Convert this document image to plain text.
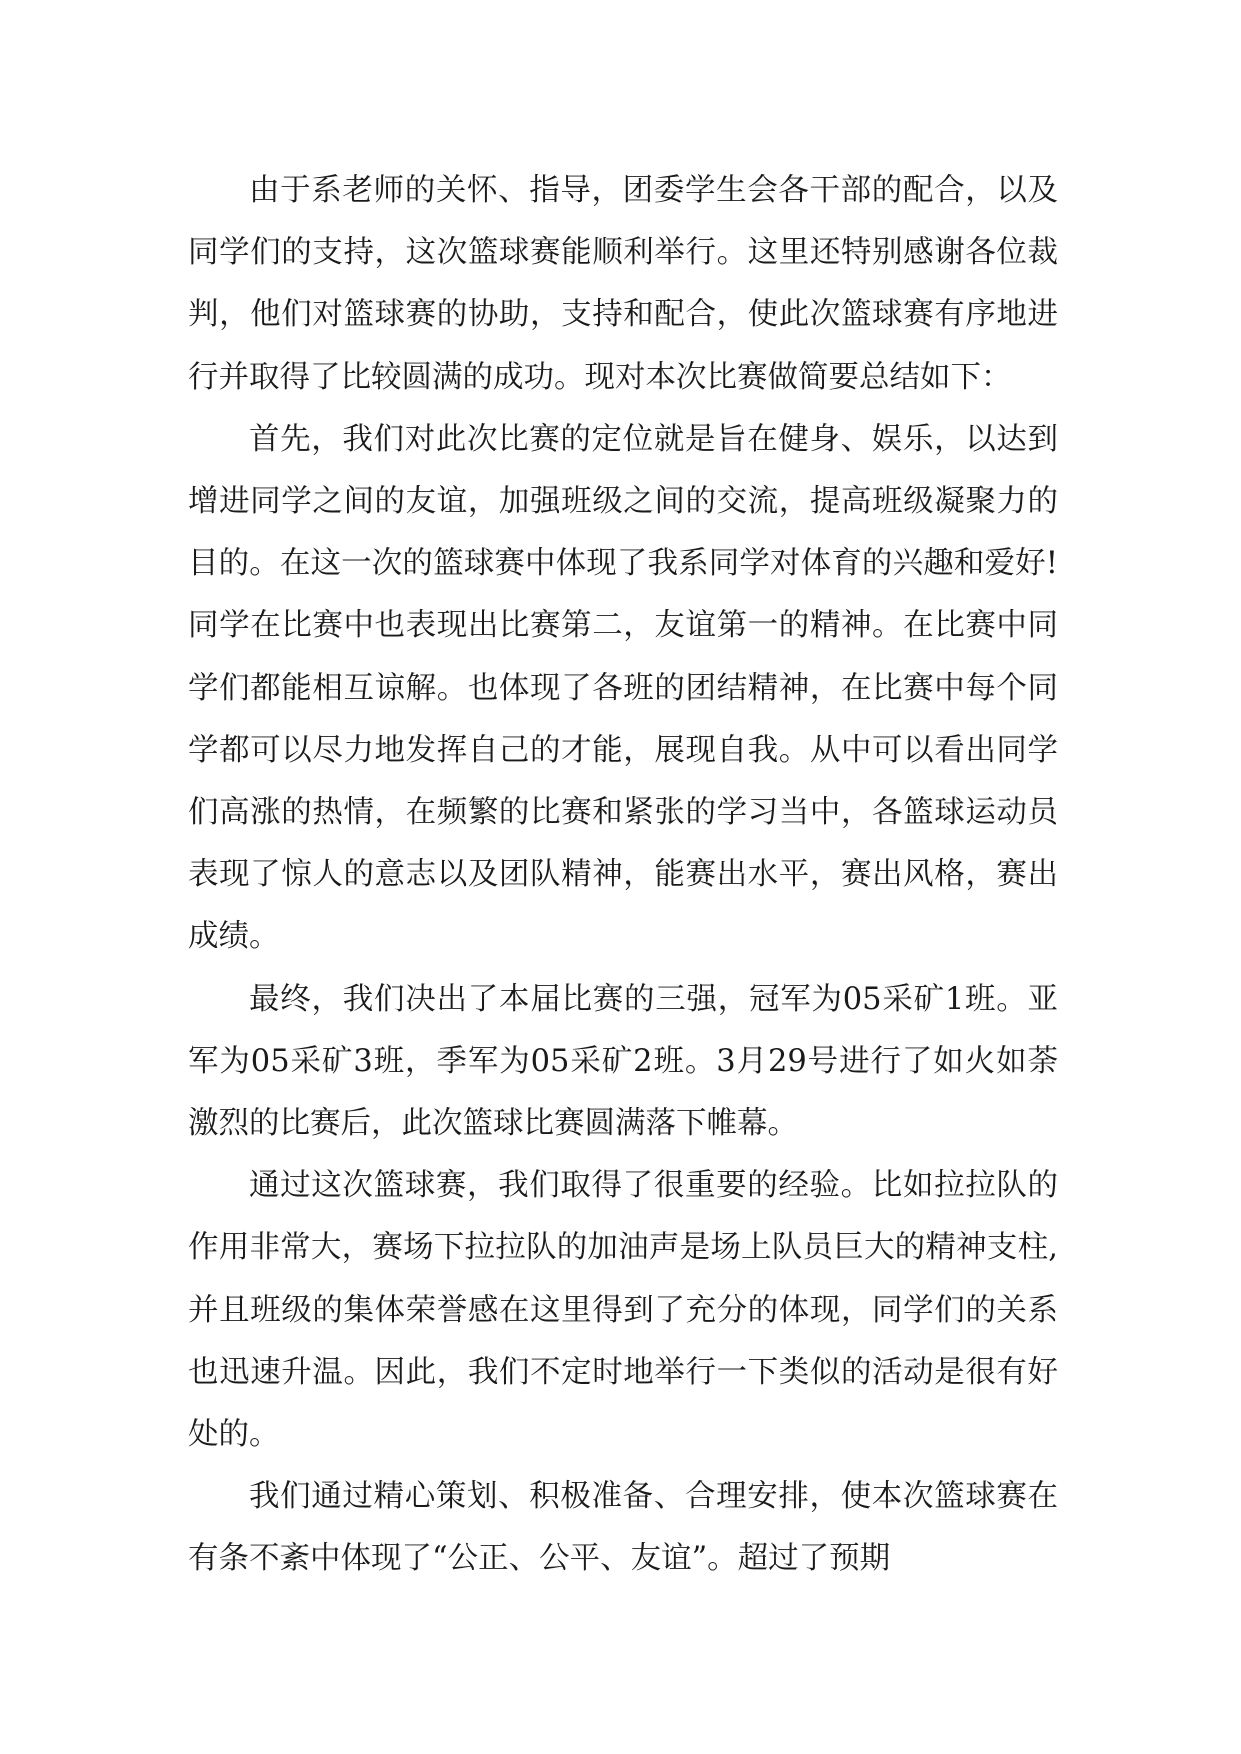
由于系老师的关怀、指导，团委学生会各干部的配合，以及同学们的支持，这次篮球赛能顺利举行。这里还特别感谢各位裁判，他们对篮球赛的协助，支持和配合，使此次篮球赛有序地进行并取得了比较圆满的成功。现对本次比赛做简要总结如下：

首先，我们对此次比赛的定位就是旨在健身、娱乐，以达到增进同学之间的友谊，加强班级之间的交流，提高班级凝聚力的目的。在这一次的篮球赛中体现了我系同学对体育的兴趣和爱好!同学在比赛中也表现出比赛第二，友谊第一的精神。在比赛中同学们都能相互谅解。也体现了各班的团结精神，在比赛中每个同学都可以尽力地发挥自己的才能，展现自我。从中可以看出同学们高涨的热情，在频繁的比赛和紧张的学习当中，各篮球运动员表现了惊人的意志以及团队精神，能赛出水平，赛出风格，赛出成绩。

最终，我们决出了本届比赛的三强，冠军为05采矿1班。亚军为05采矿3班，季军为05采矿2班。3月29号进行了如火如荼激烈的比赛后，此次篮球比赛圆满落下帷幕。

通过这次篮球赛，我们取得了很重要的经验。比如拉拉队的作用非常大，赛场下拉拉队的加油声是场上队员巨大的精神支柱,并且班级的集体荣誉感在这里得到了充分的体现，同学们的关系也迅速升温。因此，我们不定时地举行一下类似的活动是很有好处的。

我们通过精心策划、积极准备、合理安排，使本次篮球赛在有条不紊中体现了“公正、公平、友谊”。超过了预期
